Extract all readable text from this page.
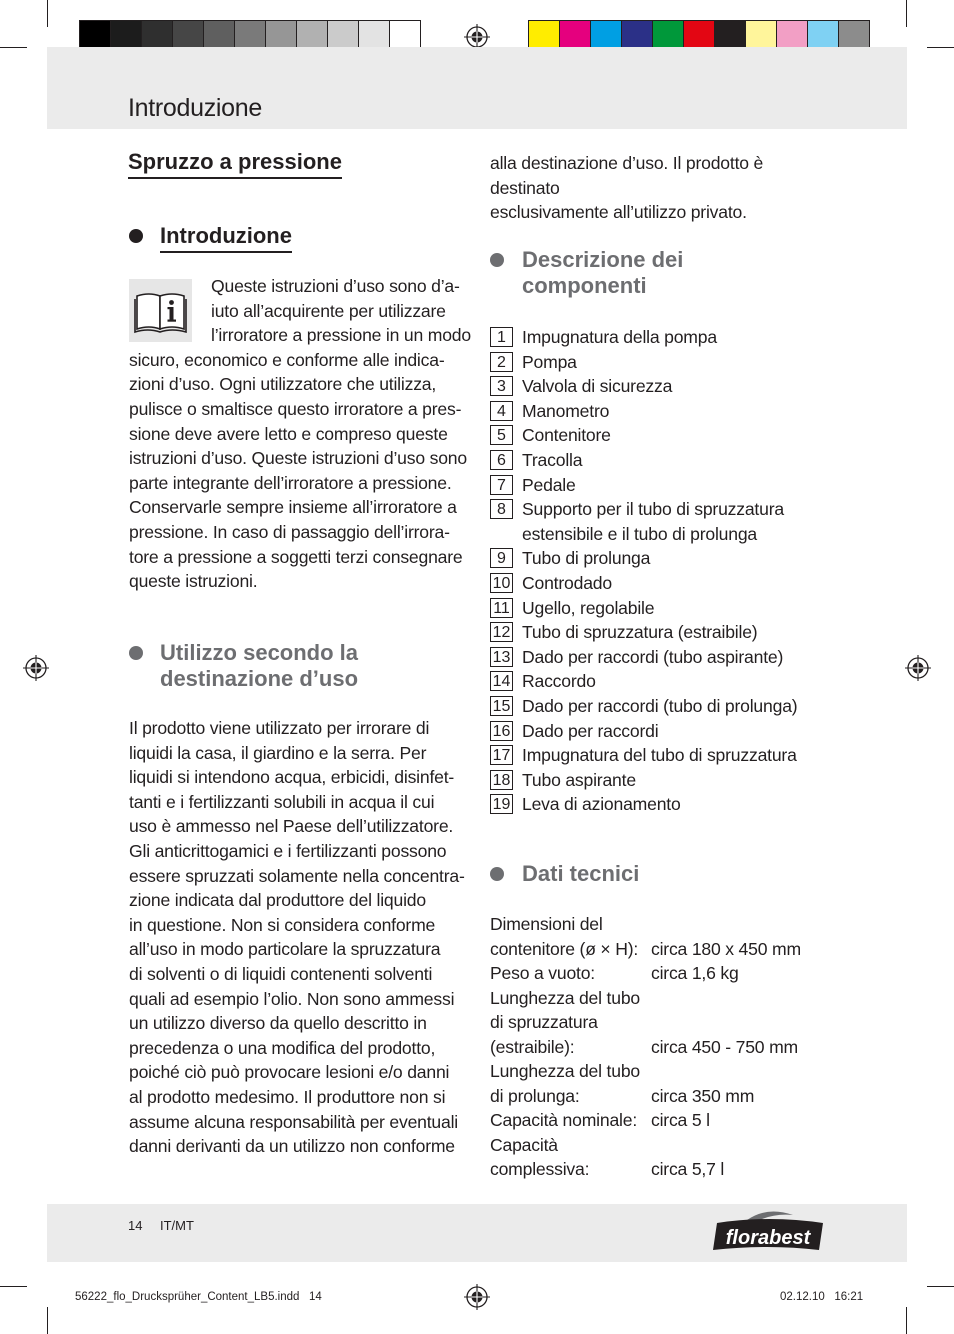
Introduzione
Spruzzo a pressione
Introduzione
Queste istruzioni d’uso sono d’a-
iuto all’acquirente per utilizzare
l’irroratore a pressione in un modo
sicuro, economico e conforme alle indica-
zioni d’uso. Ogni utilizzatore che utilizza,
pulisce o smaltisce questo irroratore a pres-
sione deve avere letto e compreso queste
istruzioni d’uso. Queste istruzioni d’uso sono
parte integrante dell’irroratore a pressione.
Conservarle sempre insieme all’irroratore a
pressione. In caso di passaggio dell’irrora-
tore a pressione a soggetti terzi consegnare
queste istruzioni.
Utilizzo secondo la
destinazione d’uso
Il prodotto viene utilizzato per irrorare di
liquidi la casa, il giardino e la serra. Per
liquidi si intendono acqua, erbicidi, disinfet-
tanti e i fertilizzanti solubili in acqua il cui
uso è ammesso nel Paese dell’utilizzatore.
Gli anticrittogamici e i fertilizzanti possono
essere spruzzati solamente nella concentra-
zione indicata dal produttore del liquido
in questione. Non si considera conforme
all’uso in modo particolare la spruzzatura
di solventi o di liquidi contenenti solventi
quali ad esempio l’olio. Non sono ammessi
un utilizzo diverso da quello descritto in
precedenza o una modifica del prodotto,
poiché ciò può provocare lesioni e/o danni
al prodotto medesimo. Il produttore non si
assume alcuna responsabilità per eventuali
danni derivanti da un utilizzo non conforme
alla destinazione d’uso. Il prodotto è destinato
esclusivamente all’utilizzo privato.
Descrizione dei
componenti
1 Impugnatura della pompa
2 Pompa
3 Valvola di sicurezza
4 Manometro
5 Contenitore
6 Tracolla
7 Pedale
8 Supporto per il tubo di spruzzatura
estensibile e il tubo di prolunga
9 Tubo di prolunga
10 Controdado
11 Ugello, regolabile
12 Tubo di spruzzatura (estraibile)
13 Dado per raccordi (tubo aspirante)
14 Raccordo
15 Dado per raccordi (tubo di prolunga)
16 Dado per raccordi
17 Impugnatura del tubo di spruzzatura
18 Tubo aspirante
19 Leva di azionamento
Dati tecnici
Dimensioni del
contenitore (ø × H): circa 180 x 450 mm
Peso a vuoto:	circa 1,6 kg
Lunghezza del tubo
di spruzzatura
(estraibile):	circa 450 - 750 mm
Lunghezza del tubo
di prolunga:	circa 350 mm
Capacità nominale: circa 5 l
Capacità
complessiva:	circa 5,7 l
14 IT/MT
florabest
56222_flo_Drucksprüher_Content_LB5.indd   14	02.12.10   16:21
